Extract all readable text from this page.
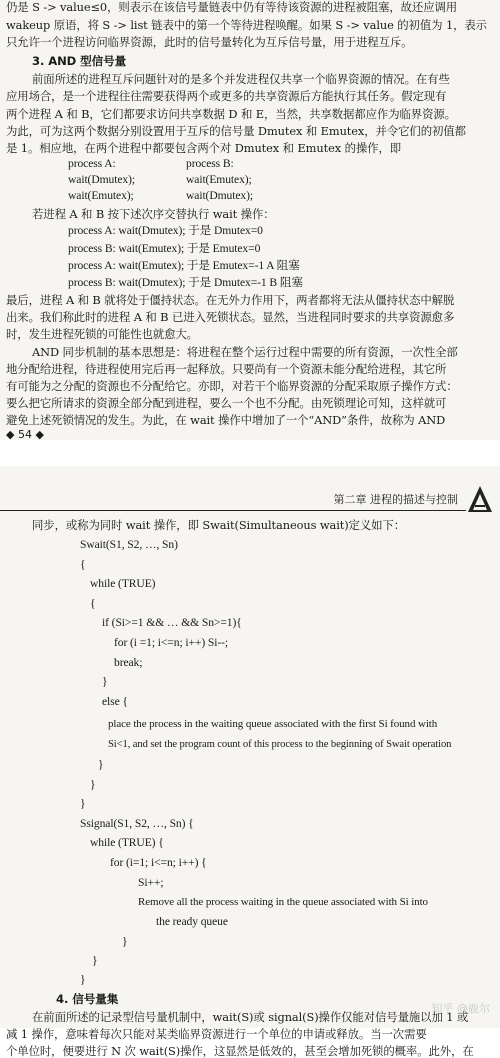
仍是 S -> value≤0，则表示在该信号量链表中仍有等待该资源的进程被阻塞，故还应调用
wakeup 原语，将 S -> list 链表中的第一个等待进程唤醒。如果 S -> value 的初值为 1，表示
只允许一个进程访问临界资源，此时的信号量转化为互斥信号量，用于进程互斥。
3. AND 型信号量
前面所述的进程互斥问题针对的是多个并发进程仅共享一个临界资源的情况。在有些
应用场合，是一个进程往往需要获得两个或更多的共享资源后方能执行其任务。假定现有
两个进程 A 和 B，它们都要求访问共享数据 D 和 E，当然，共享数据都应作为临界资源。
为此，可为这两个数据分别设置用于互斥的信号量 Dmutex 和 Emutex，并令它们的初值都
是 1。相应地，在两个进程中都要包含两个对 Dmutex 和 Emutex 的操作，即
process A:	process B:
wait(Dmutex);	wait(Emutex);
wait(Emutex);	wait(Dmutex);
若进程 A 和 B 按下述次序交替执行 wait 操作：
process A: wait(Dmutex); 于是 Dmutex=0
process B: wait(Emutex); 于是 Emutex=0
process A: wait(Emutex); 于是 Emutex=-1 A 阻塞
process B: wait(Dmutex); 于是 Dmutex=-1 B 阻塞
最后，进程 A 和 B 就将处于僵持状态。在无外力作用下，两者都将无法从僵持状态中解脱
出来。我们称此时的进程 A 和 B 已进入死锁状态。显然，当进程同时要求的共享资源愈多
时，发生进程死锁的可能性也就愈大。
AND 同步机制的基本思想是：将进程在整个运行过程中需要的所有资源，一次性全部
地分配给进程，待进程使用完后再一起释放。只要尚有一个资源未能分配给进程，其它所
有可能为之分配的资源也不分配给它。亦即，对若干个临界资源的分配采取原子操作方式：
要么把它所请求的资源全部分配到进程，要么一个也不分配。由死锁理论可知，这样就可
避免上述死锁情况的发生。为此，在 wait 操作中增加了一个“AND”条件，故称为 AND
◆ 54 ◆
第二章 进程的描述与控制
同步，或称为同时 wait 操作，即 Swait(Simultaneous wait)定义如下：
Swait(S1, S2, …, Sn)
{
while (TRUE)
{
if (Si>=1 && … && Sn>=1){
for (i =1; i<=n; i++) Si--;
break;
}
else {
place the process in the waiting queue associated with the first Si found with
Si<1, and set the program count of this process to the beginning of Swait operation
}
}
}
Ssignal(S1, S2, …, Sn) {
while (TRUE) {
for (i=1; i<=n; i++) {
Si++;
Remove all the process waiting in the queue associated with Si into
the ready queue
}
}
}
4. 信号量集
在前面所述的记录型信号量机制中，wait(S)或 signal(S)操作仅能对信号量施以加 1 或
减 1 操作，意味着每次只能对某类临界资源进行一个单位的申请或释放。当一次需要
个单位时，便要进行 N 次 wait(S)操作，这显然是低效的，甚至会增加死锁的概率。此外，在
知乎 @鹿尔
